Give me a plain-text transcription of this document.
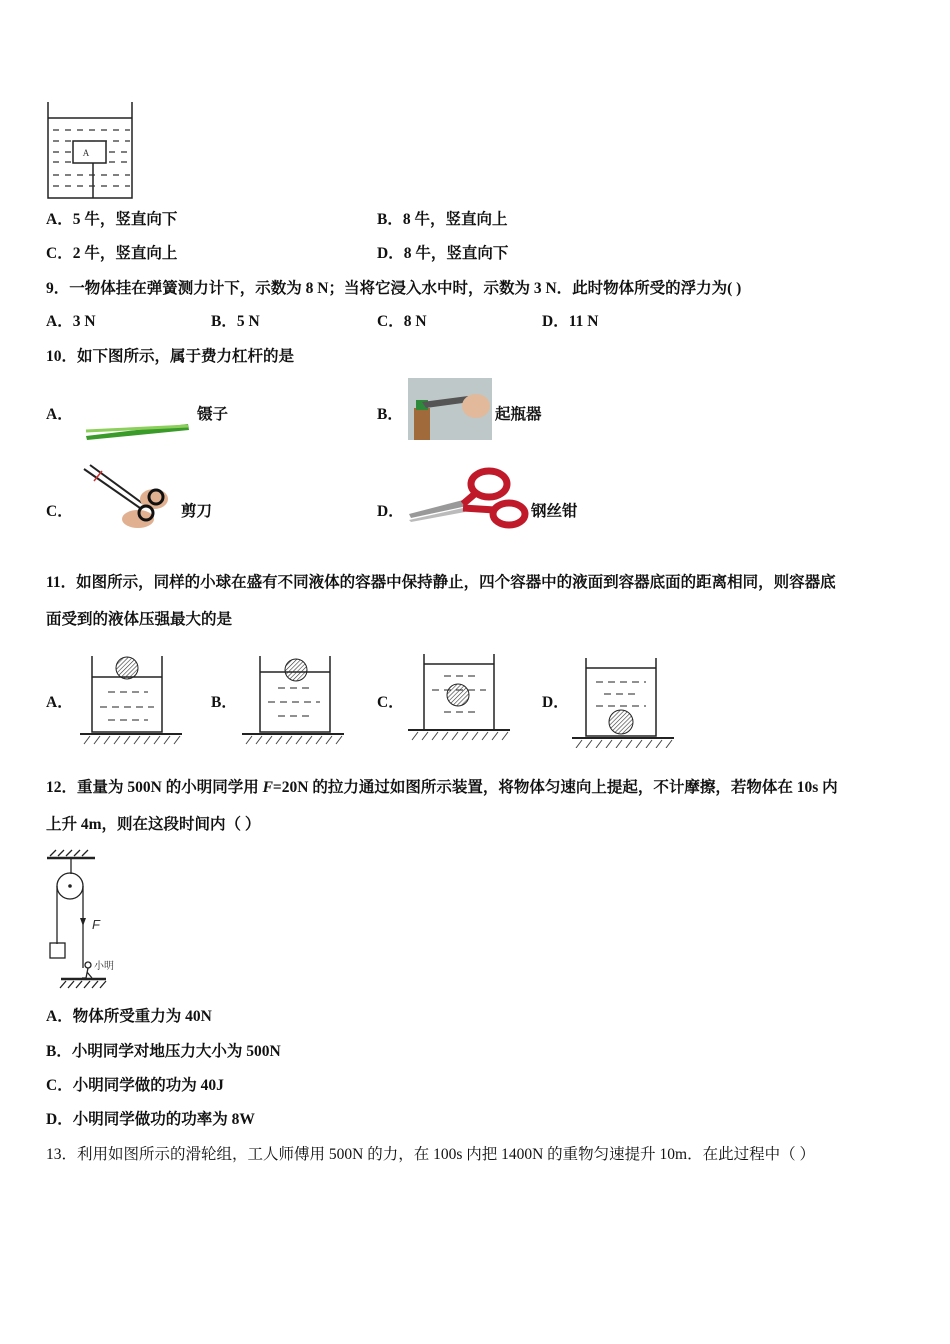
A
A．5 牛，竖直向下	B．8 牛，竖直向上
C．2 牛，竖直向上	D．8 牛，竖直向下
9．一物体挂在弹簧测力计下，示数为 8 N；当将它浸入水中时，示数为 3 N．此时物体所受的浮力为( )
A．3 N	B．5 N	C．8 N	D．11 N
10．如下图所示，属于费力杠杆的是
A．	镊子	B．	起瓶器
C．	剪刀	D．	钢丝钳
11．如图所示，同样的小球在盛有不同液体的容器中保持静止，四个容器中的液面到容器底面的距离相同，则容器底
面受到的液体压强最大的是
A．	B．	C．	D．
12．重量为 500N 的小明同学用 F=20N 的拉力通过如图所示装置，将物体匀速向上提起，不计摩擦，若物体在 10s 内
上升 4m，则在这段时间内（ ）
F
小明
A．物体所受重力为 40N
B．小明同学对地压力大小为 500N
C．小明同学做的功为 40J
D．小明同学做功的功率为 8W
13．利用如图所示的滑轮组，工人师傅用 500N 的力，在 100s 内把 1400N 的重物匀速提升 10m．在此过程中（ ）
